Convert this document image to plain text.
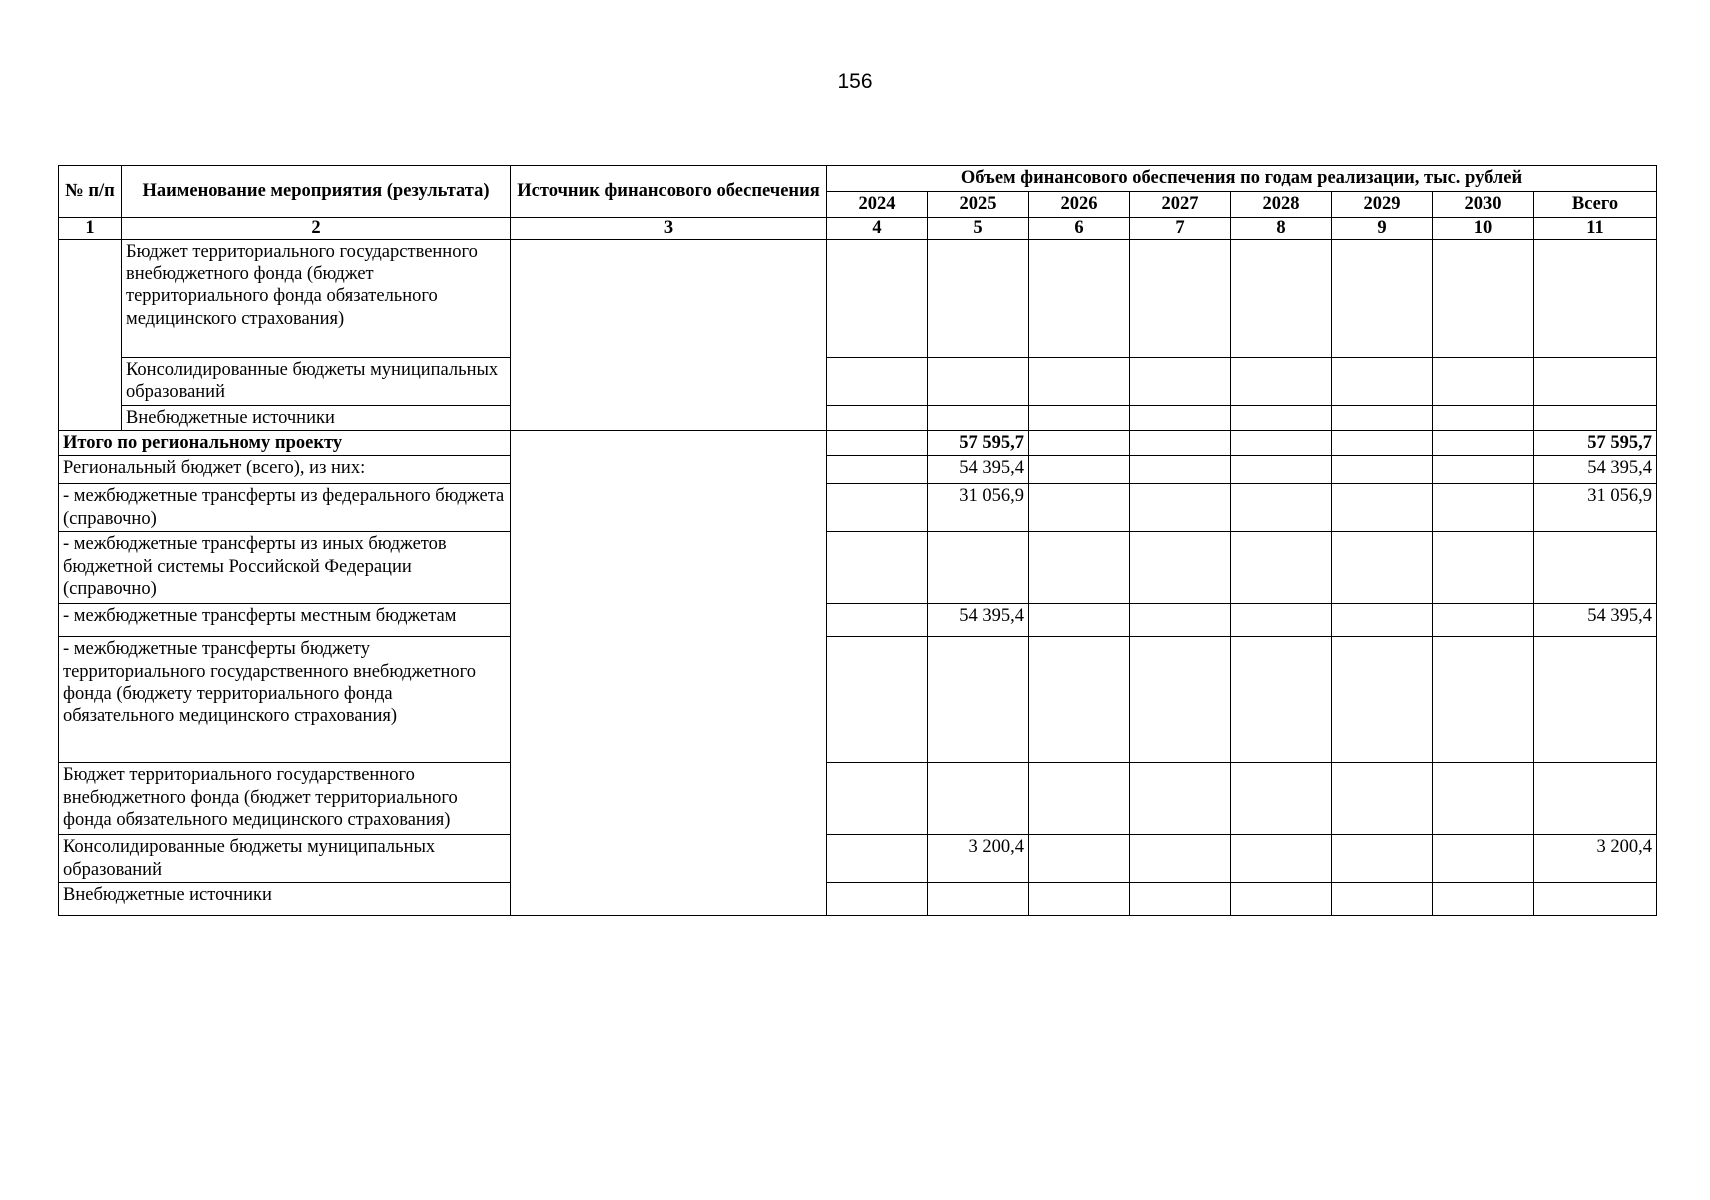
156
№ п/п	Наименование мероприятия (результата)	Источник финансового обеспечения	Объем финансового обеспечения по годам реализации, тыс. рублей							
			2024	2025	2026	2027	2028	2029	2030	Всего
1	2	3	4	5	6	7	8	9	10	11
	Бюджет территориального государственного внебюджетного фонда (бюджет территориального фонда обязательного медицинского страхования)									
	Консолидированные бюджеты муниципальных образований									
	Внебюджетные источники									
Итого по региональному проекту				57 595,7						57 595,7
Региональный бюджет (всего), из них:				54 395,4						54 395,4
- межбюджетные трансферты из федерального бюджета (справочно)				31 056,9						31 056,9
- межбюджетные трансферты из иных бюджетов бюджетной системы Российской Федерации (справочно)										
- межбюджетные трансферты местным бюджетам				54 395,4						54 395,4
- межбюджетные трансферты бюджету территориального государственного внебюджетного фонда (бюджету территориального фонда обязательного медицинского страхования)										
Бюджет территориального государственного внебюджетного фонда (бюджет территориального фонда обязательного медицинского страхования)										
Консолидированные бюджеты муниципальных образований				3 200,4						3 200,4
Внебюджетные источники										
